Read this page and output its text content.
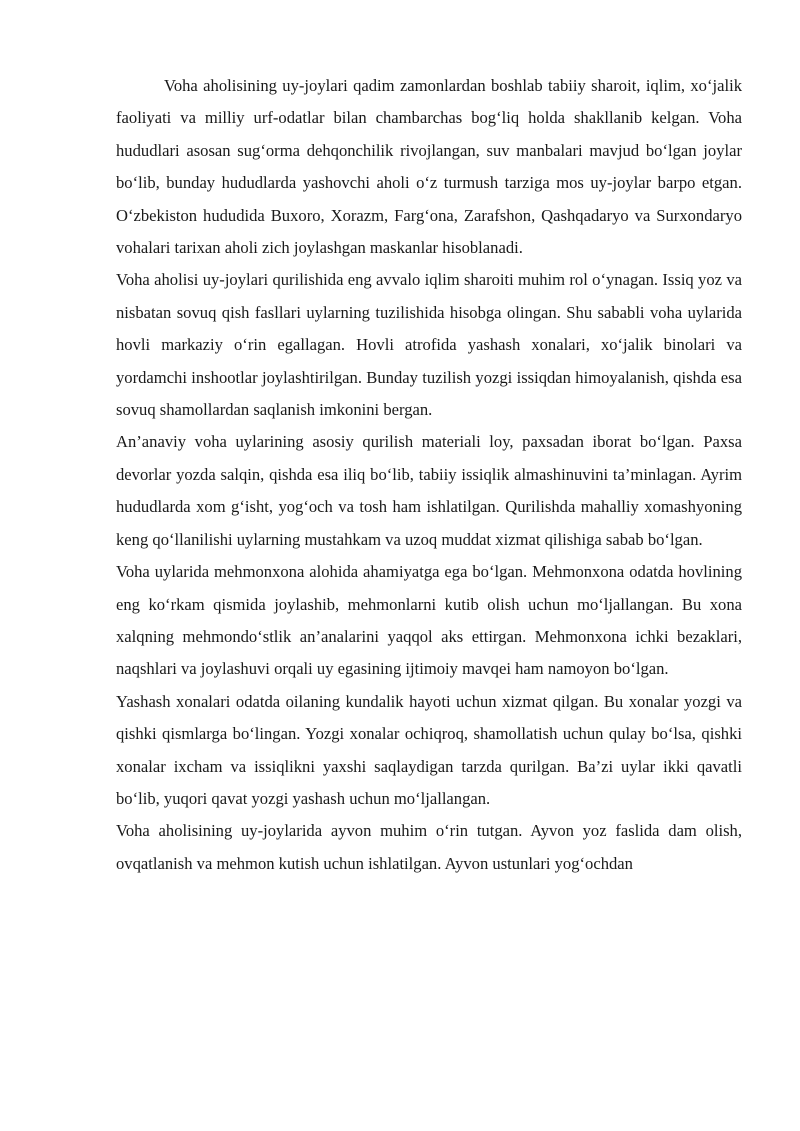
Voha aholisining uy-joylari qadim zamonlardan boshlab tabiiy sharoit, iqlim, xo‘jalik faoliyati va milliy urf-odatlar bilan chambarchas bog‘liq holda shakllanib kelgan. Voha hududlari asosan sug‘orma dehqonchilik rivojlangan, suv manbalari mavjud bo‘lgan joylar bo‘lib, bunday hududlarda yashovchi aholi o‘z turmush tarziga mos uy-joylar barpo etgan. O‘zbekiston hududida Buxoro, Xorazm, Farg‘ona, Zarafshon, Qashqadaryo va Surxondaryo vohalari tarixan aholi zich joylashgan maskanlar hisoblanadi.

Voha aholisi uy-joylari qurilishida eng avvalo iqlim sharoiti muhim rol o‘ynagan. Issiq yoz va nisbatan sovuq qish fasllari uylarning tuzilishida hisobga olingan. Shu sababli voha uylarida hovli markaziy o‘rin egallagan. Hovli atrofida yashash xonalari, xo‘jalik binolari va yordamchi inshootlar joylashtirilgan. Bunday tuzilish yozgi issiqdan himoyalanish, qishda esa sovuq shamollardan saqlanish imkonini bergan.

An’anaviy voha uylarining asosiy qurilish materiali loy, paxsadan iborat bo‘lgan. Paxsa devorlar yozda salqin, qishda esa iliq bo‘lib, tabiiy issiqlik almashinuvini ta’minlagan. Ayrim hududlarda xom g‘isht, yog‘och va tosh ham ishlatilgan. Qurilishda mahalliy xomashyoning keng qo‘llanilishi uylarning mustahkam va uzoq muddat xizmat qilishiga sabab bo‘lgan.

Voha uylarida mehmonxona alohida ahamiyatga ega bo‘lgan. Mehmonxona odatda hovlining eng ko‘rkam qismida joylashib, mehmonlarni kutib olish uchun mo‘ljallangan. Bu xona xalqning mehmondo‘stlik an’analarini yaqqol aks ettirgan. Mehmonxona ichki bezaklari, naqshlari va joylashuvi orqali uy egasining ijtimoiy mavqei ham namoyon bo‘lgan.

Yashash xonalari odatda oilaning kundalik hayoti uchun xizmat qilgan. Bu xonalar yozgi va qishki qismlarga bo‘lingan. Yozgi xonalar ochiqroq, shamollatish uchun qulay bo‘lsa, qishki xonalar ixcham va issiqlikni yaxshi saqlaydigan tarzda qurilgan. Ba’zi uylar ikki qavatli bo‘lib, yuqori qavat yozgi yashash uchun mo‘ljallangan.

Voha aholisining uy-joylarida ayvon muhim o‘rin tutgan. Ayvon yoz faslida dam olish, ovqatlanish va mehmon kutish uchun ishlatilgan. Ayvon ustunlari yog‘ochdan
